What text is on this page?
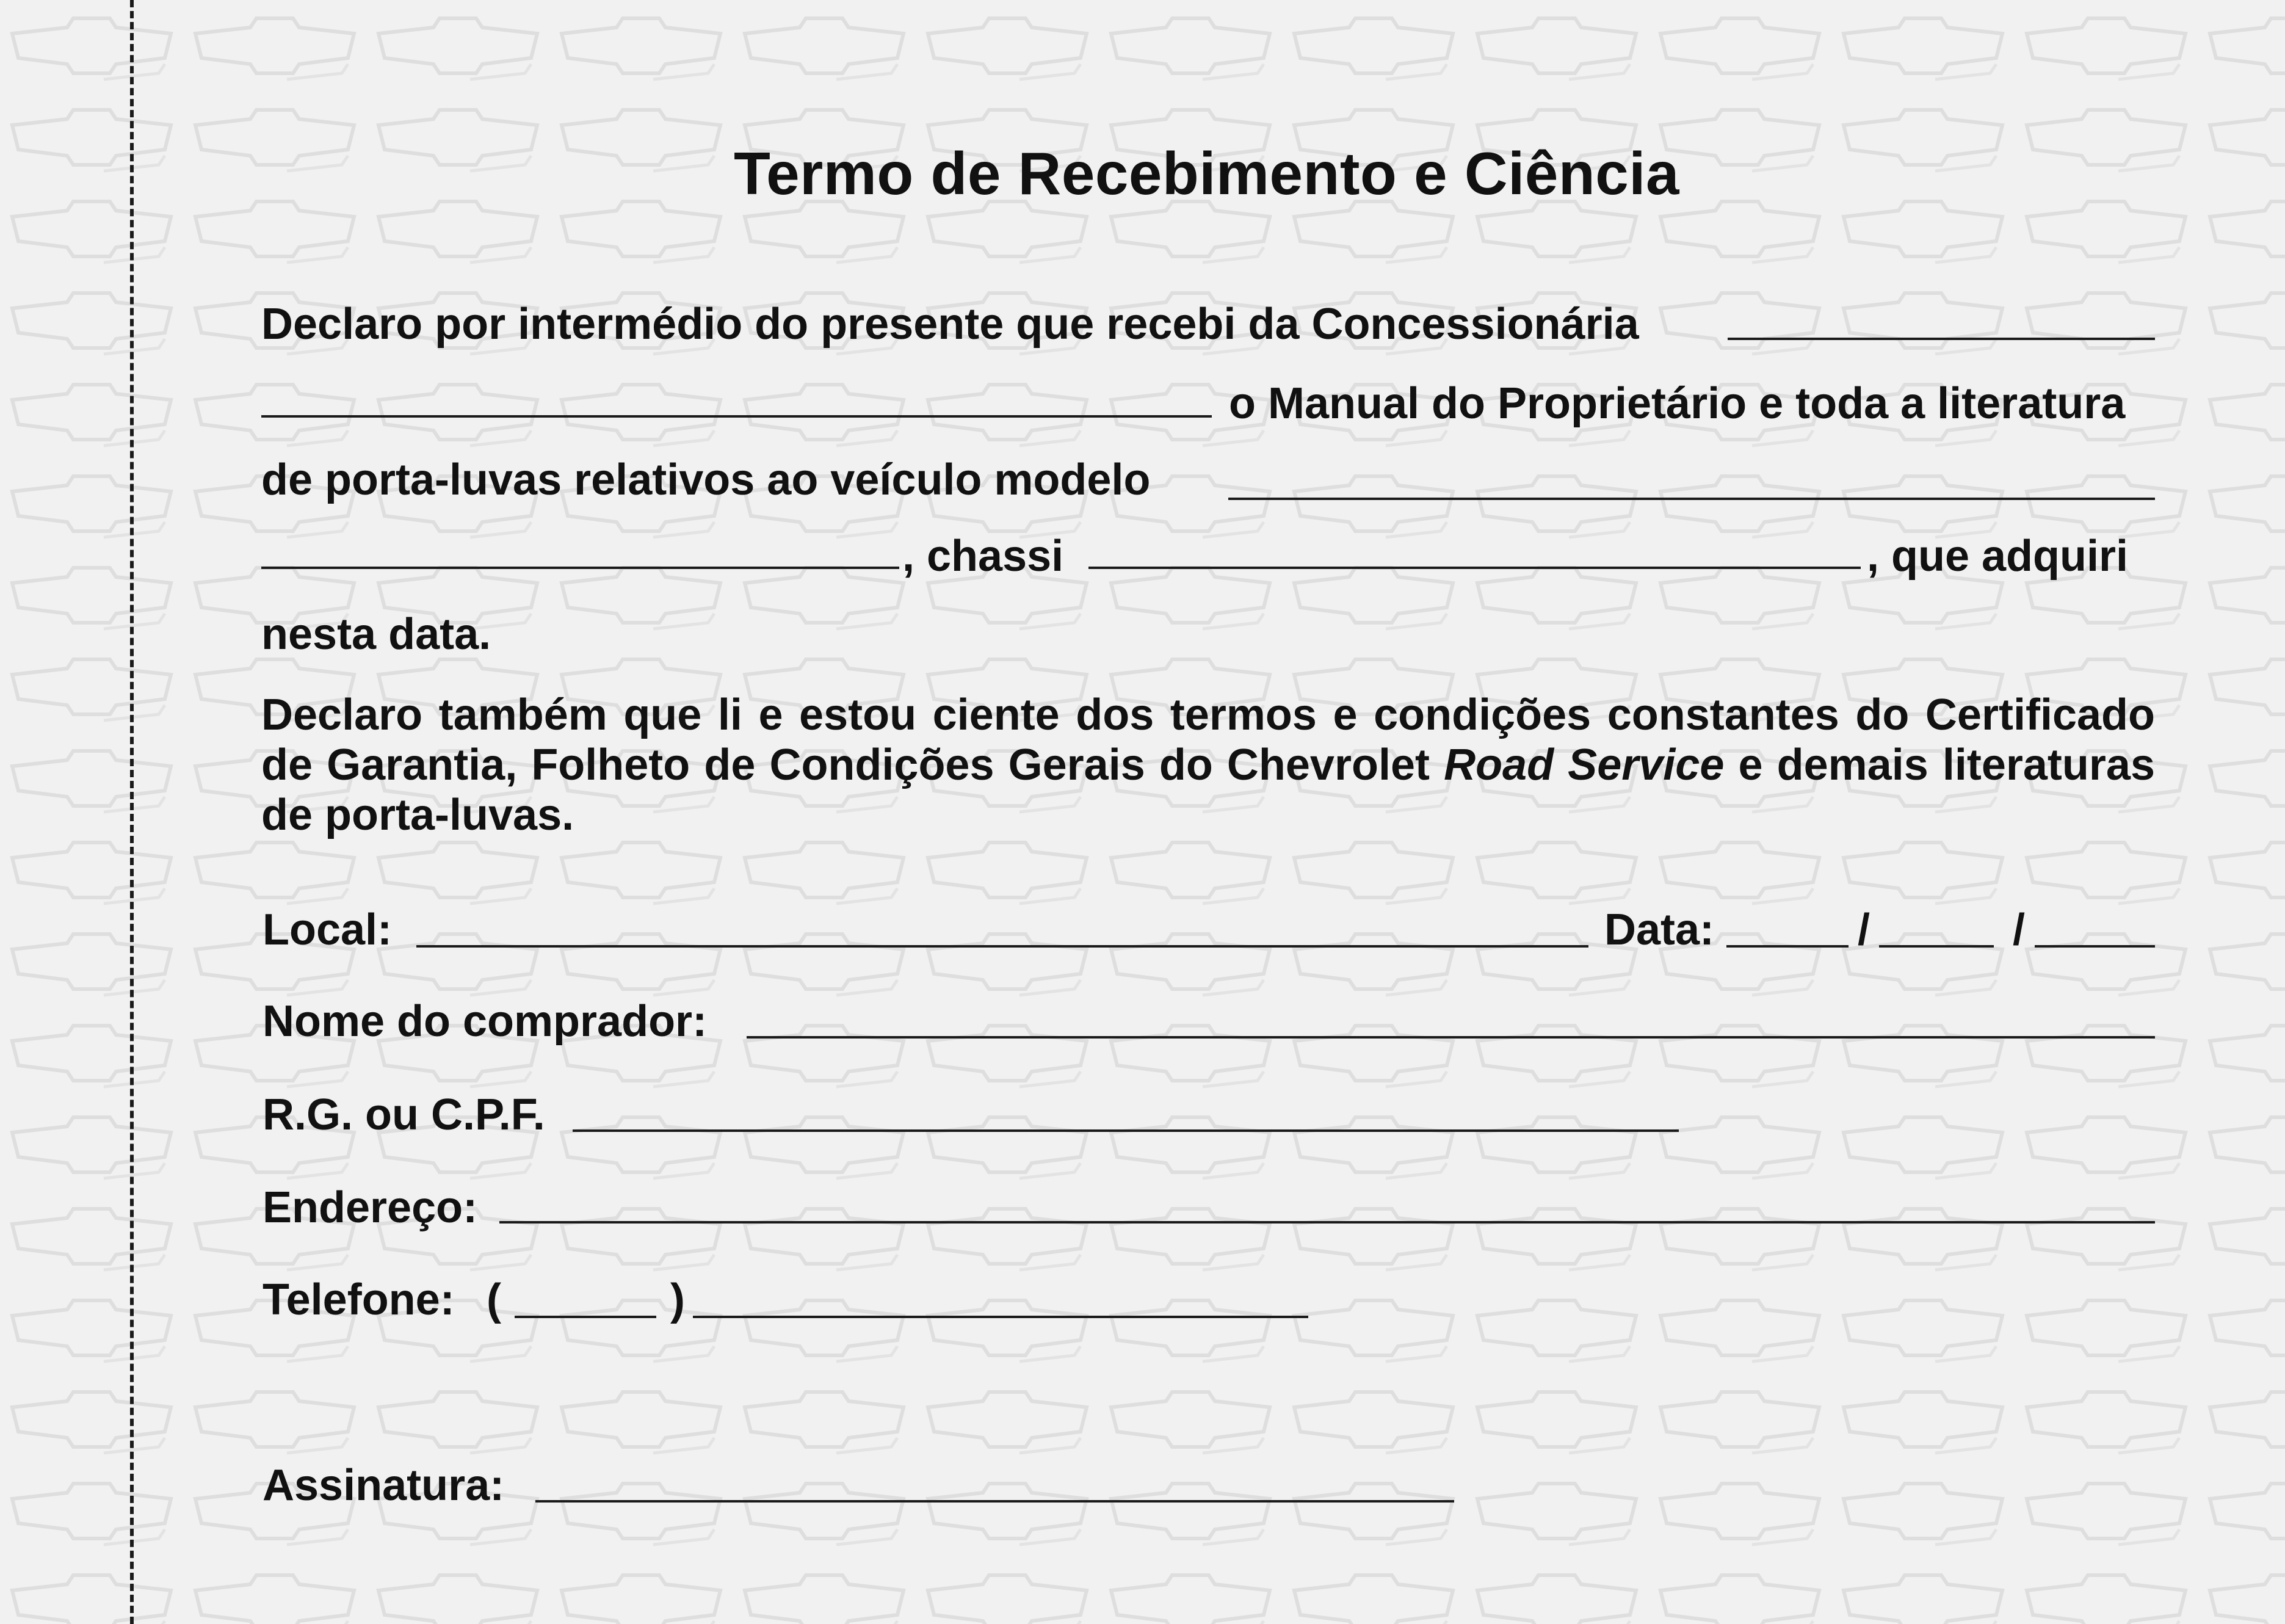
Termo de Recebimento e Ciência
Declaro por intermédio do presente que recebi da Concessionária
o Manual do Proprietário e toda a literatura
de porta-luvas relativos ao veículo modelo
, chassi	, que adquiri
nesta data.
Declaro também que li e estou ciente dos termos e condições constantes do Certificado de Garantia, Folheto de Condições Gerais do Chevrolet Road Service e demais literaturas de porta-luvas.
Local:	Data:	/	/
Nome do comprador:
R.G. ou C.P.F.
Endereço:
Telefone: (	)
Assinatura:
